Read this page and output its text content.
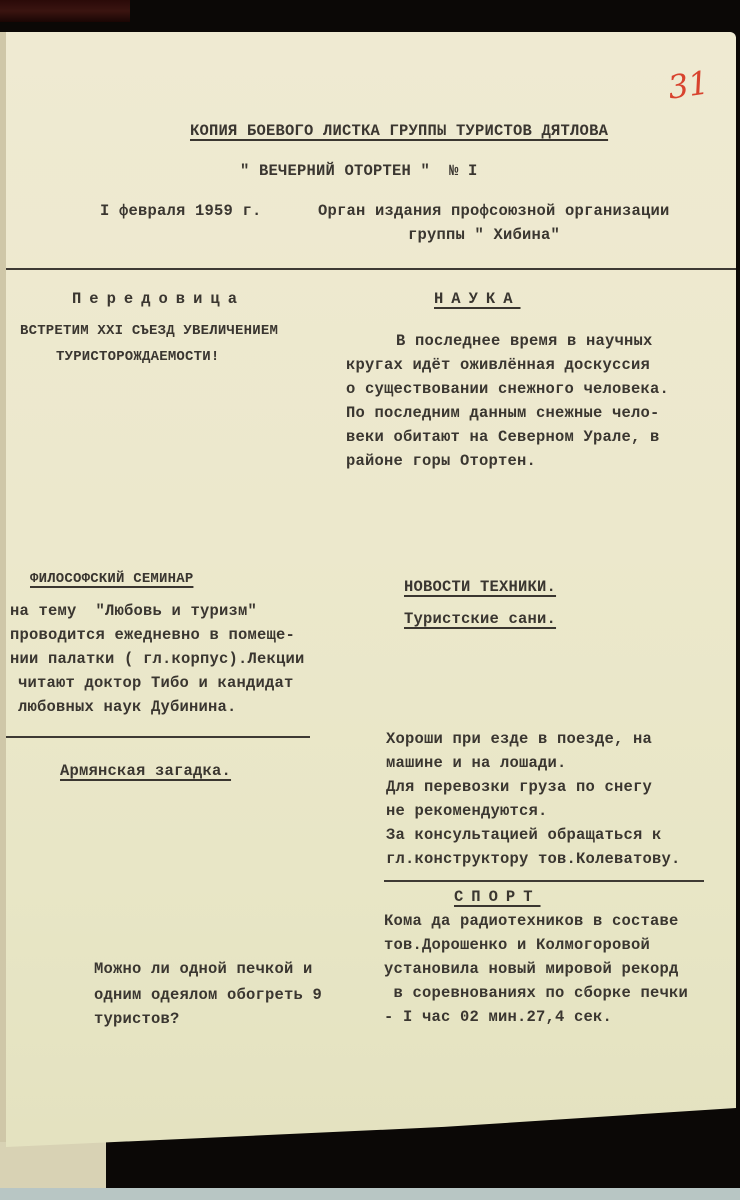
31
КОПИЯ БОЕВОГО ЛИСТКА ГРУППЫ ТУРИСТОВ ДЯТЛОВА
" ВЕЧЕРНИЙ ОТОРТЕН "  № I
I февраля 1959 г.	Орган издания профсоюзной организации
группы " Хибина"
Передовица
ВСТРЕТИМ XXI СЪЕЗД УВЕЛИЧЕНИЕМ
ТУРИСТОРОЖДАЕМОСТИ!
НАУКА
В последнее время в научных
кругах идёт оживлённая доскуссия
о существовании снежного человека.
По последним данным снежные чело-
веки обитают на Северном Урале, в
районе горы Отортен.
ФИЛОСОФСКИЙ СЕМИНАР
на тему  "Любовь и туризм"
проводится ежедневно в помеще-
нии палатки ( гл.корпус).Лекции
читают доктор Тибо и кандидат
любовных наук Дубинина.
НОВОСТИ ТЕХНИКИ.
Туристские сани.
Хороши при езде в поезде, на
машине и на лошади.
Для перевозки груза по снегу
не рекомендуются.
За консультацией обращаться к
гл.конструктору тов.Колеватову.
Армянская загадка.
Можно ли одной печкой и
одним одеялом обогреть 9
туристов?
СПОРТ
Кома да радиотехников в составе
тов.Дорошенко и Колмогоровой
установила новый мировой рекорд
в соревнованиях по сборке печки
- I час 02 мин.27,4 сек.
